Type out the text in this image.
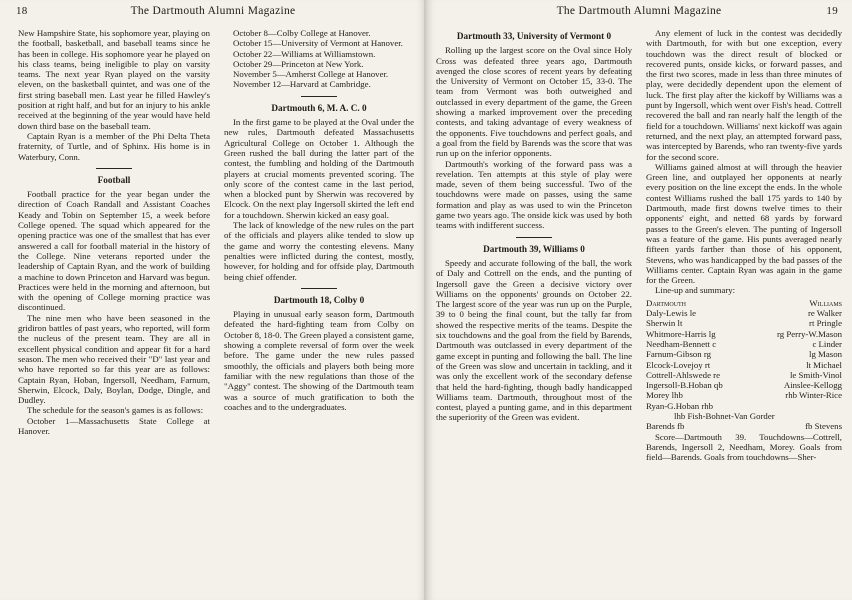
18	The Dartmouth Alumni Magazine

New Hampshire State, his sophomore year, playing on the football, basketball, and baseball teams since he has been in college. His sophomore year he played on his class teams, being ineligible to play on varsity teams. The next year Ryan played on the varsity eleven, on the basketball quintet, and was one of the first string baseball men. Last year he filled Hawley's position at right half, and but for an injury to his ankle received at the beginning of the year would have held down third base on the baseball team.

Captain Ryan is a member of the Phi Delta Theta fraternity, of Turtle, and of Sphinx. His home is in Waterbury, Conn.

Football

Football practice for the year began under the direction of Coach Randall and Assistant Coaches Keady and Tobin on September 15, a week before College opened. The squad which appeared for the opening practice was one of the smallest that has ever answered a call for football material in the history of the College. Nine veterans reported under the leadership of Captain Ryan, and the work of building a machine to down Princeton and Harvard was begun. Practices were held in the morning and afternoon, but with the opening of College morning practice was discontinued.

The nine men who have been seasoned in the gridiron battles of past years, who reported, will form the nucleus of the present team. They are all in excellent physical condition and appear fit for a hard season. The men who received their "D" last year and who have reported so far this year are as follows: Captain Ryan, Hoban, Ingersoll, Needham, Farnum, Sherwin, Elcock, Daly, Boylan, Dodge, Dingle, and Dudley.

The schedule for the season's games is as follows:

October 1—Massachusetts State College at Hanover.

October 8—Colby College at Hanover.

October 15—University of Vermont at Hanover.

October 22—Williams at Williamstown.

October 29—Princeton at New York.

November 5—Amherst College at Hanover.

November 12—Harvard at Cambridge.

Dartmouth 6, M. A. C. 0

In the first game to be played at the Oval under the new rules, Dartmouth defeated Massachusetts Agricultural College on October 1. Although the Green rushed the ball during the latter part of the contest, the fumbling and holding of the Dartmouth players at crucial moments prevented scoring. The only score of the contest came in the last period, when a blocked punt by Sherwin was recovered by Elcock. On the next play Ingersoll skirted the left end for a touchdown. Sherwin kicked an easy goal.

The lack of knowledge of the new rules on the part of the officials and players alike tended to slow up the game and worry the contesting elevens. Many penalties were inflicted during the contest, mostly, however, for holding and for offside play, Dartmouth being chief offender.

Dartmouth 18, Colby 0

Playing in unusual early season form, Dartmouth defeated the hard-fighting team from Colby on October 8, 18-0. The Green played a consistent game, showing a complete reversal of form over the week before. The game under the new rules passed smoothly, the officials and players both being more familiar with the new regulations than those of the "Aggy" contest. The showing of the Dartmouth team was a source of much gratification to both the coaches and to the undergraduates.

The Dartmouth Alumni Magazine	19
Dartmouth 33, University of Vermont 0

Rolling up the largest score on the Oval since Holy Cross was defeated three years ago, Dartmouth avenged the close scores of recent years by defeating the University of Vermont on October 15, 33-0. The team from Vermont was both outweighed and outclassed in every department of the game, the Green showing a marked improvement over the preceding contests, and taking advantage of every weakness of the opponents. Five touchdowns and perfect goals, and a goal from the field by Barends was the score that was run up on the inferior opponents.

Dartmouth's working of the forward pass was a revelation. Ten attempts at this style of play were made, seven of them being successful. Two of the touchdowns were made on passes, using the same formation and play as was used to win the Princeton game two years ago. The onside kick was used by both teams with indifferent success.

Dartmouth 39, Williams 0

Speedy and accurate following of the ball, the work of Daly and Cottrell on the ends, and the punting of Ingersoll gave the Green a decisive victory over Williams on the opponents' grounds on October 22. The largest score of the year was run up on the Purple, 39 to 0 being the final count, but the tally far from showed the respective merits of the teams. Despite the six touchdowns and the goal from the field by Barends, Dartmouth was outclassed in every department of the game except in punting and following the ball. The line of the Green was slow and uncertain in tackling, and it was only the excellent work of the secondary defense that held the hard-fighting, though badly handicapped Williams team. Dartmouth, throughout most of the contest, played a punting game, and in this department the superiority of the Green was evident.

Any element of luck in the contest was decidedly with Dartmouth, for with but one exception, every touchdown was the direct result of blocked or recovered punts, onside kicks, or forward passes, and the first two scores, made in less than three minutes of play, were decidedly dependent upon the element of luck. The first play after the kickoff by Williams was a punt by Ingersoll, which went over Fish's head. Cottrell recovered the ball and ran nearly half the length of the field for a touchdown. Williams' next kickoff was again returned, and the next play, an attempted forward pass, was intercepted by Barends, who ran twenty-five yards for the second score.

Williams gained almost at will through the heavier Green line, and outplayed her opponents at nearly every position on the line except the ends. In the whole contest Williams rushed the ball 175 yards to 140 by Dartmouth, made first downs twelve times to their opponents' eight, and netted 68 yards by forward passes to the Green's eleven. The punting of Ingersoll was a feature of the game. His punts averaged nearly fifteen yards farther than those of his opponent, Stevens, who was handicapped by the bad passes of the Williams center. Captain Ryan was again in the game for the Green.

Line-up and summary:

Dartmouth	Williams
Daly-Lewis le	re Walker
Sherwin lt	rt Pringle
Whitmore-Harris lg	rg Perry-W.Mason
Needham-Bennett c	c Linder
Farnum-Gibson rg	lg Mason
Elcock-Lovejoy rt	lt Michael
Cottrell-Ahlswede re	le Smith-Vinol
Ingersoll-B.Hoban qb	Ainslee-Kellogg
Morey lhb	rhb Winter-Rice
Ryan-G.Hoban rhb
lhb Fish-Bohnet-Van Gorder
Barends fb	fb Stevens

Score—Dartmouth 39. Touchdowns—Cottrell, Barends, Ingersoll 2, Needham, Morey. Goals from field—Barends. Goals from touchdowns—Sher-
